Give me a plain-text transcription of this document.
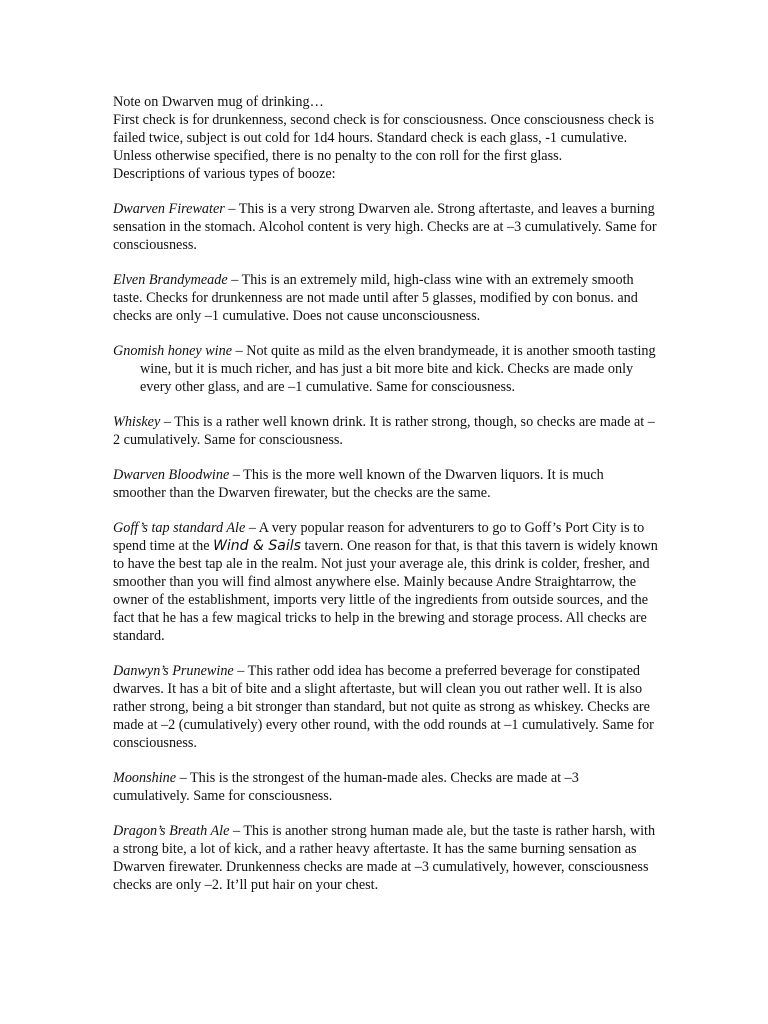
Note on Dwarven mug of drinking…

First check is for drunkenness, second check is for consciousness. Once consciousness check is failed twice, subject is out cold for 1d4 hours. Standard check is each glass, -1 cumulative. Unless otherwise specified, there is no penalty to the con roll for the first glass.

Descriptions of various types of booze:

Dwarven Firewater – This is a very strong Dwarven ale. Strong aftertaste, and leaves a burning sensation in the stomach. Alcohol content is very high. Checks are at –3 cumulatively. Same for consciousness.

Elven Brandymeade – This is an extremely mild, high-class wine with an extremely smooth taste. Checks for drunkenness are not made until after 5 glasses, modified by con bonus. and checks are only –1 cumulative. Does not cause unconsciousness.

Gnomish honey wine – Not quite as mild as the elven brandymeade, it is another smooth tasting wine, but it is much richer, and has just a bit more bite and kick. Checks are made only every other glass, and are –1 cumulative. Same for consciousness.

Whiskey – This is a rather well known drink. It is rather strong, though, so checks are made at –2 cumulatively. Same for consciousness.

Dwarven Bloodwine – This is the more well known of the Dwarven liquors. It is much smoother than the Dwarven firewater, but the checks are the same.

Goff’s tap standard Ale – A very popular reason for adventurers to go to Goff’s Port City is to spend time at the Wind & Sails tavern. One reason for that, is that this tavern is widely known to have the best tap ale in the realm. Not just your average ale, this drink is colder, fresher, and smoother than you will find almost anywhere else. Mainly because Andre Straightarrow, the owner of the establishment, imports very little of the ingredients from outside sources, and the fact that he has a few magical tricks to help in the brewing and storage process. All checks are standard.

Danwyn’s Prunewine – This rather odd idea has become a preferred beverage for constipated dwarves. It has a bit of bite and a slight aftertaste, but will clean you out rather well. It is also rather strong, being a bit stronger than standard, but not quite as strong as whiskey. Checks are made at –2 (cumulatively) every other round, with the odd rounds at –1 cumulatively. Same for consciousness.

Moonshine – This is the strongest of the human-made ales. Checks are made at –3 cumulatively. Same for consciousness.

Dragon’s Breath Ale – This is another strong human made ale, but the taste is rather harsh, with a strong bite, a lot of kick, and a rather heavy aftertaste. It has the same burning sensation as Dwarven firewater. Drunkenness checks are made at –3 cumulatively, however, consciousness checks are only –2. It’ll put hair on your chest.
